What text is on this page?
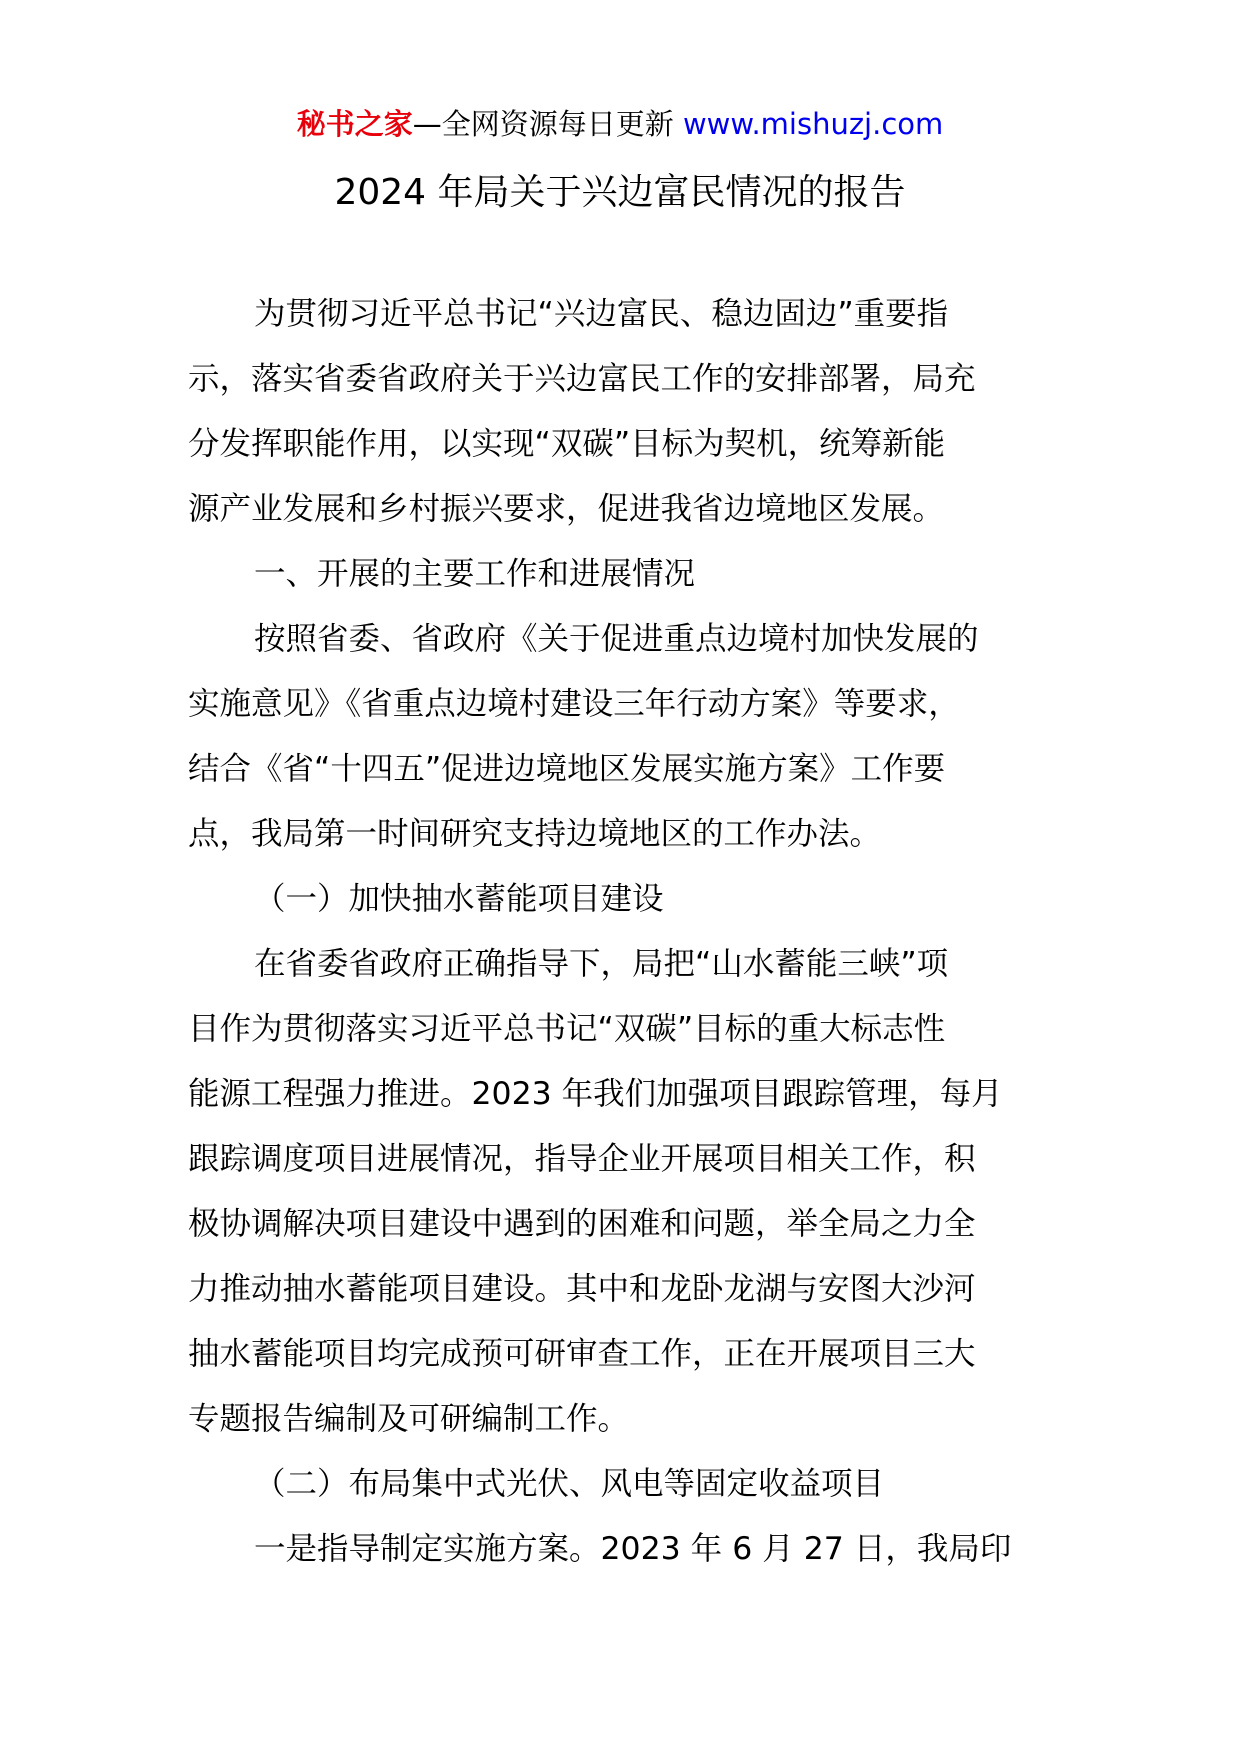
秘书之家—全网资源每日更新 www.mishuzj.com
2024 年局关于兴边富民情况的报告
为贯彻习近平总书记“兴边富民、稳边固边”重要指
示，落实省委省政府关于兴边富民工作的安排部署，局充
分发挥职能作用，以实现“双碳”目标为契机，统筹新能
源产业发展和乡村振兴要求，促进我省边境地区发展。
一、开展的主要工作和进展情况
按照省委、省政府《关于促进重点边境村加快发展的
实施意见》《省重点边境村建设三年行动方案》等要求，
结合《省“十四五”促进边境地区发展实施方案》工作要
点，我局第一时间研究支持边境地区的工作办法。
（一）加快抽水蓄能项目建设
在省委省政府正确指导下，局把“山水蓄能三峡”项
目作为贯彻落实习近平总书记“双碳”目标的重大标志性
能源工程强力推进。2023 年我们加强项目跟踪管理，每月
跟踪调度项目进展情况，指导企业开展项目相关工作，积
极协调解决项目建设中遇到的困难和问题，举全局之力全
力推动抽水蓄能项目建设。其中和龙卧龙湖与安图大沙河
抽水蓄能项目均完成预可研审查工作，正在开展项目三大
专题报告编制及可研编制工作。
（二）布局集中式光伏、风电等固定收益项目
一是指导制定实施方案。2023 年 6 月 27 日，我局印
